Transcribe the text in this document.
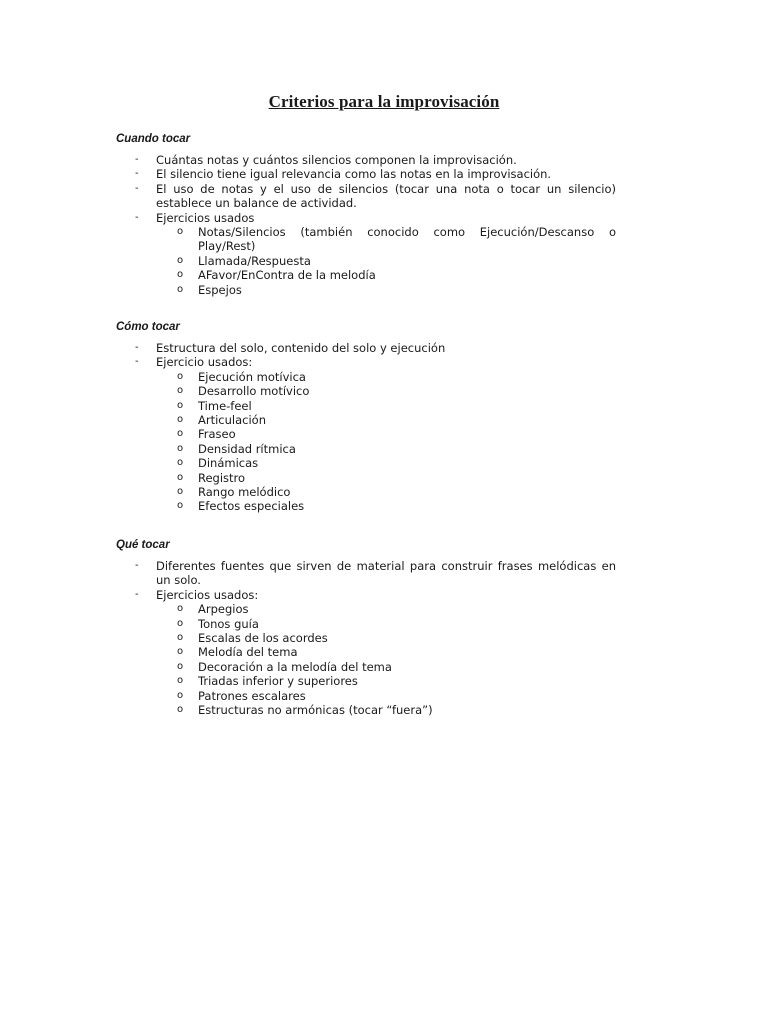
Criterios para la improvisación
Cuando tocar
- Cuántas notas y cuántos silencios componen la improvisación.
- El silencio tiene igual relevancia como las notas en la improvisación.
- El uso de notas y el uso de silencios (tocar una nota o tocar un silencio) establece un balance de actividad.
- Ejercicios usados
o Notas/Silencios (también conocido como Ejecución/Descanso o Play/Rest)
o Llamada/Respuesta
o AFavor/EnContra de la melodía
o Espejos
Cómo tocar
- Estructura del solo, contenido del solo y ejecución
- Ejercicio usados:
o Ejecución motívica
o Desarrollo motívico
o Time-feel
o Articulación
o Fraseo
o Densidad rítmica
o Dinámicas
o Registro
o Rango melódico
o Efectos especiales
Qué tocar
- Diferentes fuentes que sirven de material para construir frases melódicas en un solo.
- Ejercicios usados:
o Arpegios
o Tonos guía
o Escalas de los acordes
o Melodía del tema
o Decoración a la melodía del tema
o Triadas inferior y superiores
o Patrones escalares
o Estructuras no armónicas (tocar “fuera”)
